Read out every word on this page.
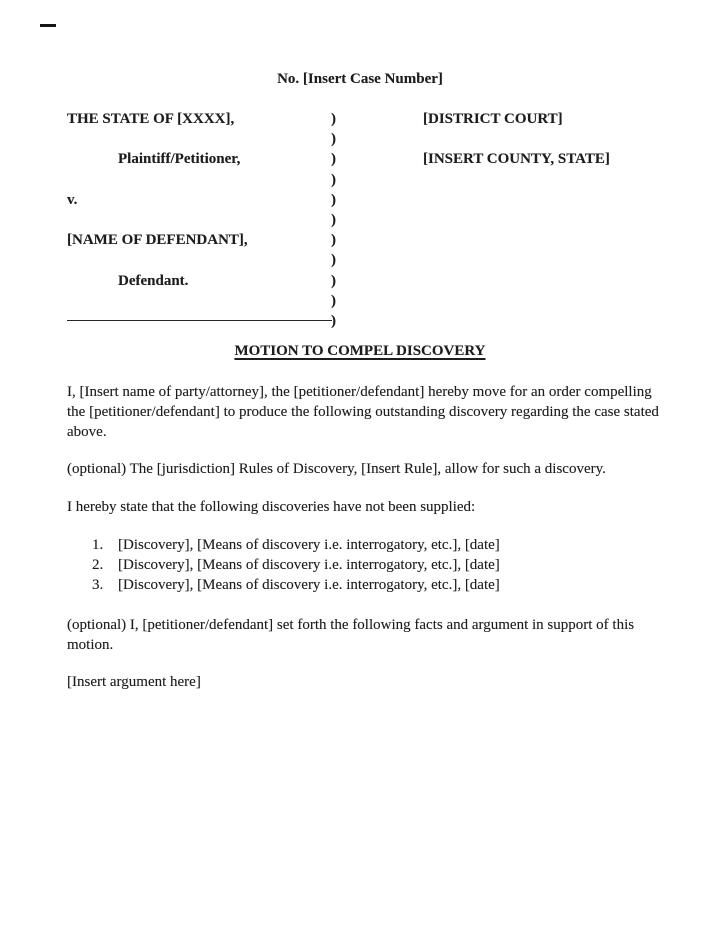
No. [Insert Case Number]
THE STATE OF [XXXX],
Plaintiff/Petitioner,
v.
[NAME OF DEFENDANT],
Defendant.
)
)
)
)
)
)
)
)
)
)
)
[DISTRICT COURT]
[INSERT COUNTY, STATE]
MOTION TO COMPEL DISCOVERY
I, [Insert name of party/attorney], the [petitioner/defendant] hereby move for an order compelling the [petitioner/defendant] to produce the following outstanding discovery regarding the case stated above.
(optional) The [jurisdiction] Rules of Discovery, [Insert Rule], allow for such a discovery.
I hereby state that the following discoveries have not been supplied:
1. [Discovery], [Means of discovery i.e. interrogatory, etc.], [date]
2. [Discovery], [Means of discovery i.e. interrogatory, etc.], [date]
3. [Discovery], [Means of discovery i.e. interrogatory, etc.], [date]
(optional) I, [petitioner/defendant] set forth the following facts and argument in support of this motion.
[Insert argument here]
